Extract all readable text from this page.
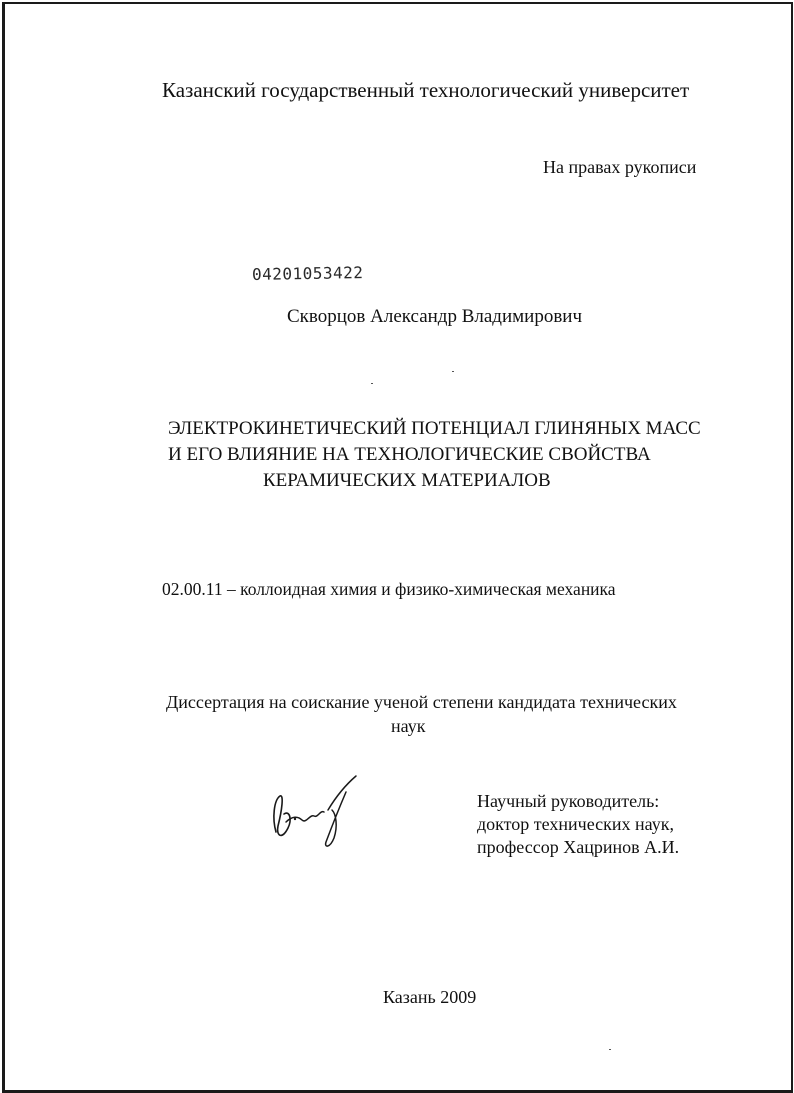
Казанский государственный технологический университет
На правах рукописи
04201053422
Скворцов Александр Владимирович
ЭЛЕКТРОКИНЕТИЧЕСКИЙ ПОТЕНЦИАЛ ГЛИНЯНЫХ МАСС
И ЕГО ВЛИЯНИЕ НА ТЕХНОЛОГИЧЕСКИЕ СВОЙСТВА
КЕРАМИЧЕСКИХ МАТЕРИАЛОВ
02.00.11 – коллоидная химия и физико-химическая механика
Диссертация на соискание ученой степени кандидата технических
наук
Научный руководитель:
доктор технических наук,
профессор Хацринов А.И.
Казань 2009
